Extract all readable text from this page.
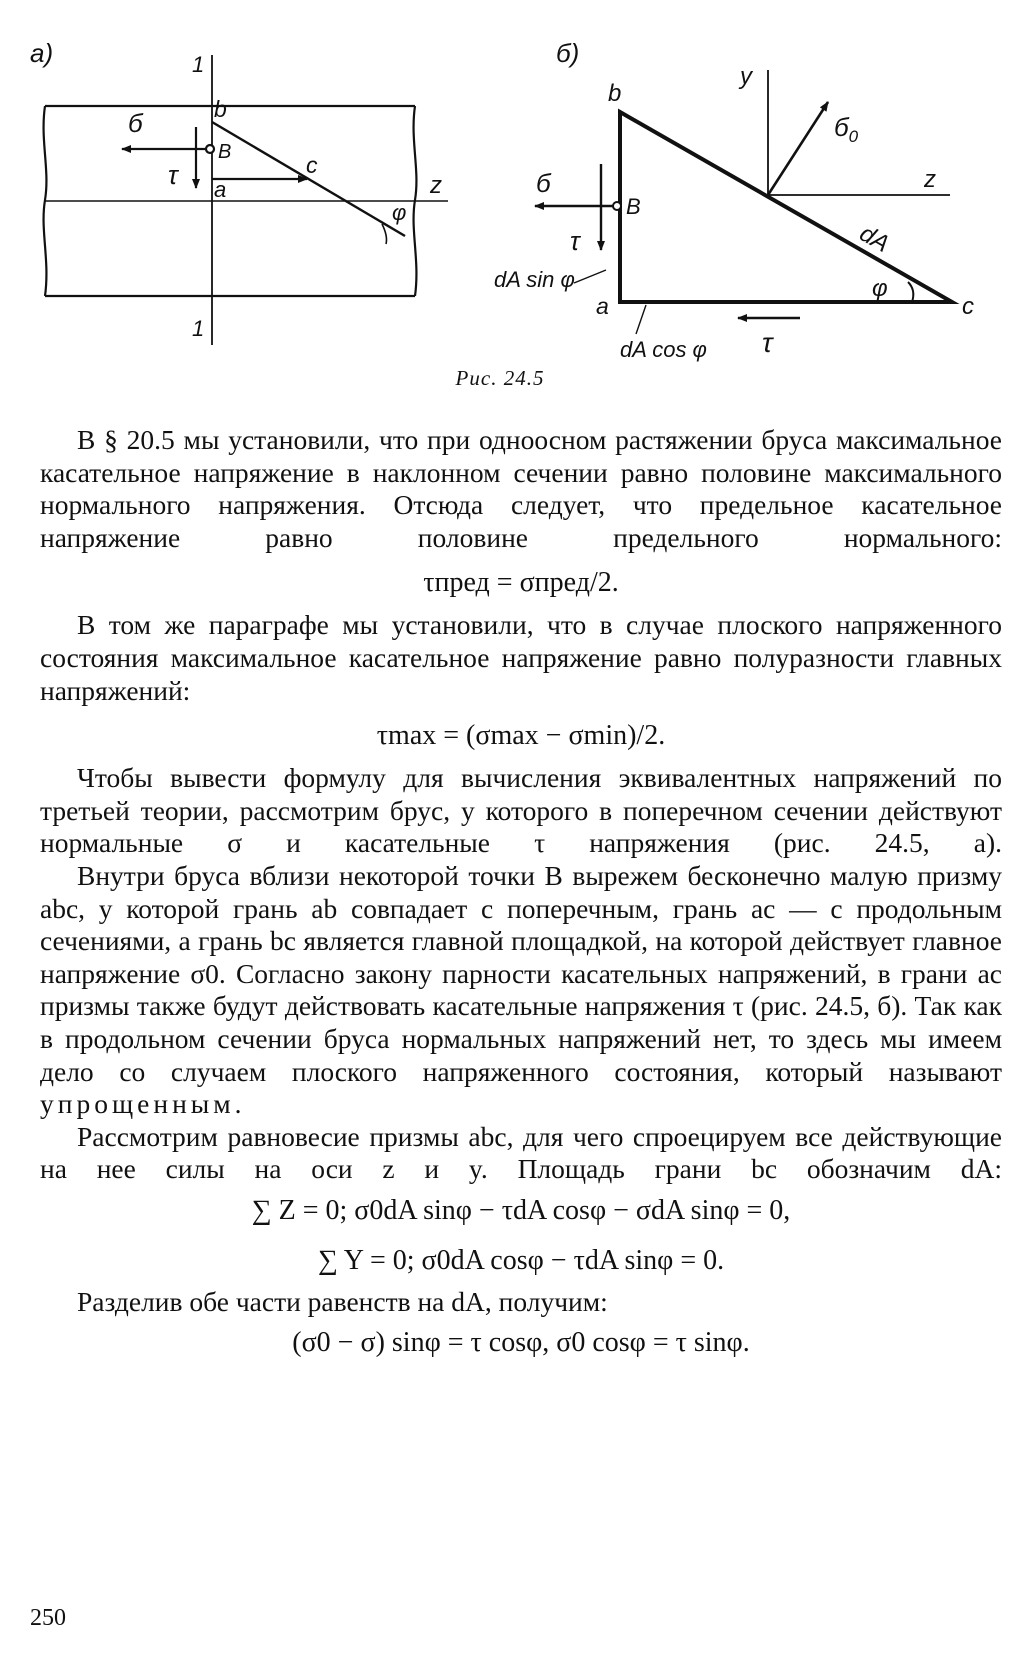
а)	1
1
b
B
a
c
б
τ	z
φ
б)
b
B
a	c
y
z
б
$б_0$
τ
τ
dA
φ
dA sin φ
dA cos φ
Рис. 24.5

В § 20.5 мы установили, что при одноосном растяжении бруса максимальное касательное напряжение в наклонном сечении равно половине максимального нормального напряжения. Отсюда следует, что предельное касательное напряжение равно половине предельного нормального:

τпред = σпред/2.

В том же параграфе мы установили, что в случае плоского напряженного состояния максимальное касательное напряжение равно полуразности главных напряжений:

τmax = (σmax − σmin)/2.

Чтобы вывести формулу для вычисления эквивалентных напряжений по третьей теории, рассмотрим брус, у которого в поперечном сечении действуют нормальные σ и касательные τ напряжения (рис. 24.5, а).

Внутри бруса вблизи некоторой точки B вырежем бесконечно малую призму abc, у которой грань ab совпадает с поперечным, грань ac — с продольным сечениями, а грань bc является главной площадкой, на которой действует главное напряжение σ0. Согласно закону парности касательных напряжений, в грани ac призмы также будут действовать касательные напряжения τ (рис. 24.5, б). Так как в продольном сечении бруса нормальных напряжений нет, то здесь мы имеем дело со случаем плоского напряженного состояния, который называют упрощенным.

Рассмотрим равновесие призмы abc, для чего спроецируем все действующие на нее силы на оси z и y. Площадь грани bc обозначим dA:

∑ Z = 0; σ0dA sinφ − τdA cosφ − σdA sinφ = 0,

∑ Y = 0; σ0dA cosφ − τdA sinφ = 0.

Разделив обе части равенств на dA, получим:

(σ0 − σ) sinφ = τ cosφ, σ0 cosφ = τ sinφ.

250
